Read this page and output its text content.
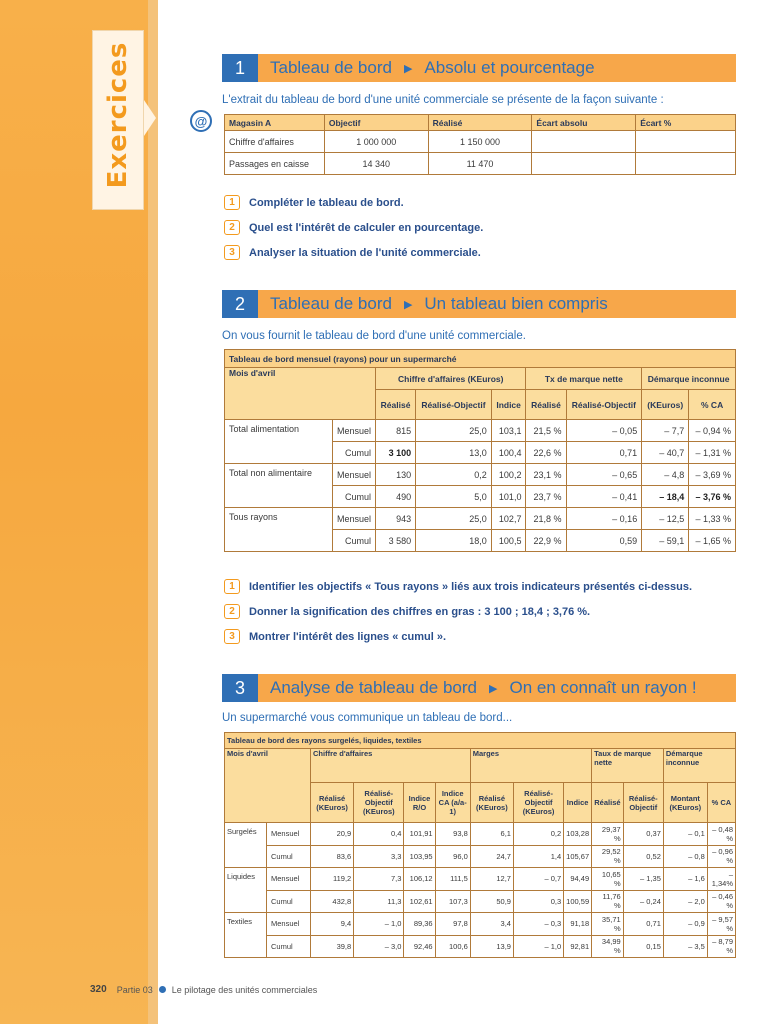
Exercices	1	Tableau de bord ▶ Absolu et pourcentage
L'extrait du tableau de bord d'une unité commerciale se présente de la façon suivante :
@	Magasin A	Objectif	Réalisé	Écart absolu	Écart %
Chiffre d'affaires	1 000 000	1 150 000		
Passages en caisse	14 340	11 470		
1	Compléter le tableau de bord.
2	Quel est l'intérêt de calculer en pourcentage.
3	Analyser la situation de l'unité commerciale.
2	Tableau de bord ▶ Un tableau bien compris
On vous fournit le tableau de bord d'une unité commerciale.
Tableau de bord mensuel (rayons) pour un supermarché								
Mois d'avril		Chiffre d'affaires (KEuros)			Tx de marque nette		Démarque inconnue	
		Réalisé	Réalisé-Objectif	Indice	Réalisé	Réalisé-Objectif	(KEuros)	% CA
Total alimentation	Mensuel	815	25,0	103,1	21,5 %	– 0,05	– 7,7	– 0,94 %
	Cumul	3 100	13,0	100,4	22,6 %	0,71	– 40,7	– 1,31 %
Total non alimentaire	Mensuel	130	0,2	100,2	23,1 %	– 0,65	– 4,8	– 3,69 %
	Cumul	490	5,0	101,0	23,7 %	– 0,41	– 18,4	– 3,76 %
Tous rayons	Mensuel	943	25,0	102,7	21,8 %	– 0,16	– 12,5	– 1,33 %
	Cumul	3 580	18,0	100,5	22,9 %	0,59	– 59,1	– 1,65 %
1	Identifier les objectifs « Tous rayons » liés aux trois indicateurs présentés ci-dessus.
2	Donner la signification des chiffres en gras : 3 100 ; 18,4 ; 3,76 %.
3	Montrer l'intérêt des lignes « cumul ».
3	Analyse de tableau de bord ▶ On en connaît un rayon !
Un supermarché vous communique un tableau de bord...
Tableau de bord des rayons surgelés, liquides, textiles												
Mois d'avril		Chiffre d'affaires				Marges			Taux de marque nette		Démarque inconnue	
		Réalisé (KEuros)	Réalisé-Objectif (KEuros)	Indice R/O	Indice CA (a/a-1)	Réalisé (KEuros)	Réalisé-Objectif (KEuros)	Indice	Réalisé	Réalisé-Objectif	Montant (KEuros)	% CA
Surgelés	Mensuel	20,9	0,4	101,91	93,8	6,1	0,2	103,28	29,37 %	0,37	– 0,1	– 0,48 %
	Cumul	83,6	3,3	103,95	96,0	24,7	1,4	105,67	29,52 %	0,52	– 0,8	– 0,96 %
Liquides	Mensuel	119,2	7,3	106,12	111,5	12,7	– 0,7	94,49	10,65 %	– 1,35	– 1,6	– 1,34%
	Cumul	432,8	11,3	102,61	107,3	50,9	0,3	100,59	11,76 %	– 0,24	– 2,0	– 0,46 %
Textiles	Mensuel	9,4	– 1,0	89,36	97,8	3,4	– 0,3	91,18	35,71 %	0,71	– 0,9	– 9,57 %
	Cumul	39,8	– 3,0	92,46	100,6	13,9	– 1,0	92,81	34,99 %	0,15	– 3,5	– 8,79 %
320 Partie 03 Le pilotage des unités commerciales
